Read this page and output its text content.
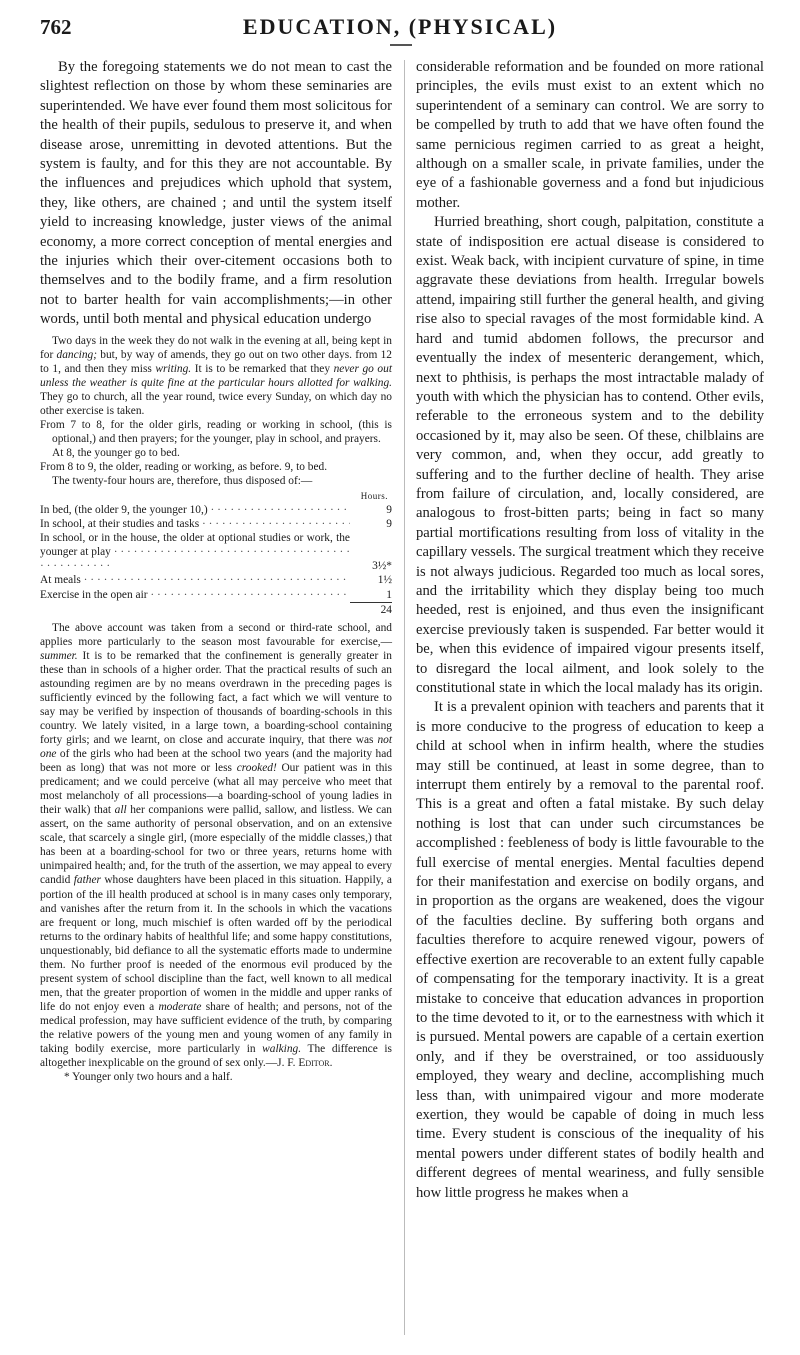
762	EDUCATION, (PHYSICAL)

By the foregoing statements we do not mean to cast the slightest reflection on those by whom these seminaries are superintended. We have ever found them most solicitous for the health of their pupils, sedulous to preserve it, and when disease arose, unremitting in devoted attentions. But the system is faulty, and for this they are not accountable. By the influences and prejudices which uphold that system, they, like others, are chained ; and until the system itself yield to increasing knowledge, juster views of the animal economy, a more correct conception of mental energies and the injuries which their over-citement occasions both to themselves and to the bodily frame, and a firm resolution not to barter health for vain accomplishments;—in other words, until both mental and physical education undergo

Two days in the week they do not walk in the evening at all, being kept in for dancing; but, by way of amends, they go out on two other days. from 12 to 1, and then they miss writing. It is to be remarked that they never go out unless the weather is quite fine at the particular hours allotted for walking. They go to church, all the year round, twice every Sunday, on which day no other exercise is taken.

From 7 to 8, for the older girls, reading or working in school, (this is optional,) and then prayers; for the younger, play in school, and prayers.

At 8, the younger go to bed.

From 8 to 9, the older, reading or working, as before. 9, to bed.

The twenty-four hours are, therefore, thus disposed of:—

Hours.
In bed, (the older 9, the younger 10,) · · ·	9
In school, at their studies and tasks · · ·	9
In school, or in the house, the older at optional studies or work, the younger at play · · ·
3½*
At meals · · ·	1½
Exercise in the open air · · ·	1
24

The above account was taken from a second or third-rate school, and applies more particularly to the season most favourable for exercise,—summer. It is to be remarked that the confinement is generally greater in these than in schools of a higher order. That the practical results of such an astounding regimen are by no means overdrawn in the preceding pages is sufficiently evinced by the following fact, a fact which we will venture to say may be verified by inspection of thousands of boarding-schools in this country. We lately visited, in a large town, a boarding-school containing forty girls; and we learnt, on close and accurate inquiry, that there was not one of the girls who had been at the school two years (and the majority had been as long) that was not more or less crooked! Our patient was in this predicament; and we could perceive (what all may perceive who meet that most melancholy of all processions—a boarding-school of young ladies in their walk) that all her companions were pallid, sallow, and listless. We can assert, on the same authority of personal observation, and on an extensive scale, that scarcely a single girl, (more especially of the middle classes,) that has been at a boarding-school for two or three years, returns home with unimpaired health; and, for the truth of the assertion, we may appeal to every candid father whose daughters have been placed in this situation. Happily, a portion of the ill health produced at school is in many cases only temporary, and vanishes after the return from it. In the schools in which the vacations are frequent or long, much mischief is often warded off by the periodical returns to the ordinary habits of healthful life; and some happy constitutions, unquestionably, bid defiance to all the systematic efforts made to undermine them. No further proof is needed of the enormous evil produced by the present system of school discipline than the fact, well known to all medical men, that the greater proportion of women in the middle and upper ranks of life do not enjoy even a moderate share of health; and persons, not of the medical profession, may have sufficient evidence of the truth, by comparing the relative powers of the young men and young women of any family in taking bodily exercise, more particularly in walking. The difference is altogether inexplicable on the ground of sex only.—J. F. Editor.

* Younger only two hours and a half.

considerable reformation and be founded on more rational principles, the evils must exist to an extent which no superintendent of a seminary can control. We are sorry to be compelled by truth to add that we have often found the same pernicious regimen carried to as great a height, although on a smaller scale, in private families, under the eye of a fashionable governess and a fond but injudicious mother.

Hurried breathing, short cough, palpitation, constitute a state of indisposition ere actual disease is considered to exist. Weak back, with incipient curvature of spine, in time aggravate these deviations from health. Irregular bowels attend, impairing still further the general health, and giving rise also to special ravages of the most formidable kind. A hard and tumid abdomen follows, the precursor and eventually the index of mesenteric derangement, which, next to phthisis, is perhaps the most intractable malady of youth with which the physician has to contend. Other evils, referable to the erroneous system and to the debility occasioned by it, may also be seen. Of these, chilblains are very common, and, when they occur, add greatly to suffering and to the further decline of health. They arise from failure of circulation, and, locally considered, are analogous to frost-bitten parts; being in fact so many partial mortifications resulting from loss of vitality in the capillary vessels. The surgical treatment which they receive is not always judicious. Regarded too much as local sores, and the irritability which they display being too much heeded, rest is enjoined, and thus even the insignificant exercise previously taken is suspended. Far better would it be, when this evidence of impaired vigour presents itself, to disregard the local ailment, and look solely to the constitutional state in which the local malady has its origin.

It is a prevalent opinion with teachers and parents that it is more conducive to the progress of education to keep a child at school when in infirm health, where the studies may still be continued, at least in some degree, than to interrupt them entirely by a removal to the parental roof. This is a great and often a fatal mistake. By such delay nothing is lost that can under such circumstances be accomplished : feebleness of body is little favourable to the full exercise of mental energies. Mental faculties depend for their manifestation and exercise on bodily organs, and in proportion as the organs are weakened, does the vigour of the faculties decline. By suffering both organs and faculties therefore to acquire renewed vigour, powers of effective exertion are recoverable to an extent fully capable of compensating for the temporary inactivity. It is a great mistake to conceive that education advances in proportion to the time devoted to it, or to the earnestness with which it is pursued. Mental powers are capable of a certain exertion only, and if they be overstrained, or too assiduously employed, they weary and decline, accomplishing much less than, with unimpaired vigour and more moderate exertion, they would be capable of doing in much less time. Every student is conscious of the inequality of his mental powers under different states of bodily health and different degrees of mental weariness, and fully sensible how little progress he makes when a
